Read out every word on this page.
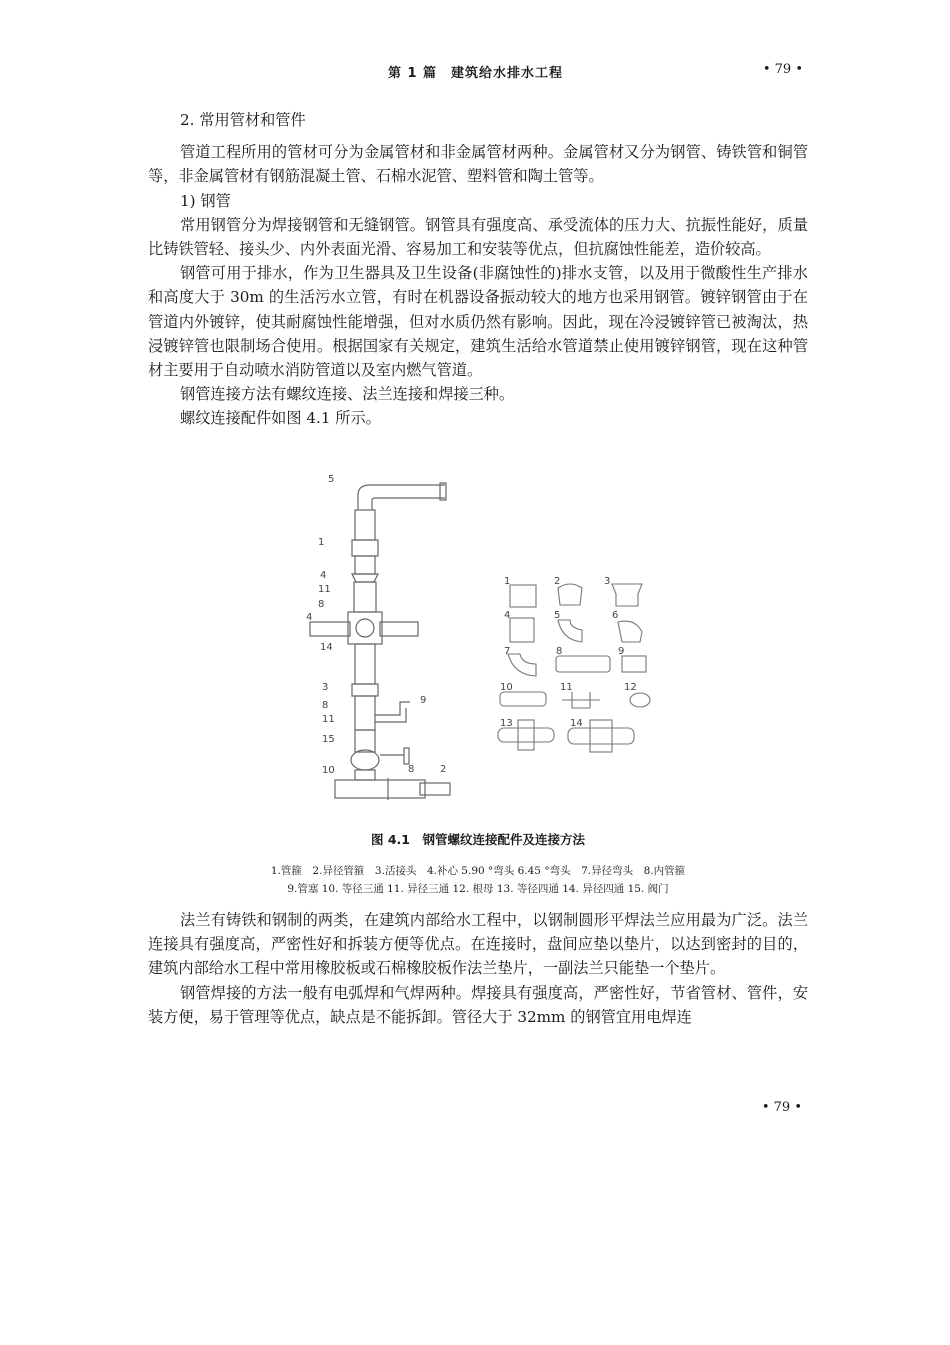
第 1 篇　建筑给水排水工程	• 79 •

2. 常用管材和管件

管道工程所用的管材可分为金属管材和非金属管材两种。金属管材又分为钢管、铸铁管和铜管等，非金属管材有钢筋混凝土管、石棉水泥管、塑料管和陶土管等。

1) 钢管

常用钢管分为焊接钢管和无缝钢管。钢管具有强度高、承受流体的压力大、抗振性能好，质量比铸铁管轻、接头少、内外表面光滑、容易加工和安装等优点，但抗腐蚀性能差，造价较高。

钢管可用于排水，作为卫生器具及卫生设备(非腐蚀性的)排水支管，以及用于微酸性生产排水和高度大于 30m 的生活污水立管，有时在机器设备振动较大的地方也采用钢管。镀锌钢管由于在管道内外镀锌，使其耐腐蚀性能增强，但对水质仍然有影响。因此，现在冷浸镀锌管已被淘汰，热浸镀锌管也限制场合使用。根据国家有关规定，建筑生活给水管道禁止使用镀锌钢管，现在这种管材主要用于自动喷水消防管道以及室内燃气管道。

钢管连接方法有螺纹连接、法兰连接和焊接三种。

螺纹连接配件如图 4.1 所示。

5
1
4
11
8
4
14
3
8
11
15
10	8	2
9
1	2	3
4	5	6
7	8	9
10	11	12
13	14
图 4.1　钢管螺纹连接配件及连接方法
1.管箍　2.异径管箍　3.活接头　4.补心 5.90 °弯头 6.45 °弯头　7.异径弯头　8.内管箍
9.管塞 10. 等径三通 11. 异径三通 12. 根母 13. 等径四通 14. 异径四通 15. 阀门

法兰有铸铁和钢制的两类，在建筑内部给水工程中，以钢制圆形平焊法兰应用最为广泛。法兰连接具有强度高，严密性好和拆装方便等优点。在连接时，盘间应垫以垫片，以达到密封的目的，建筑内部给水工程中常用橡胶板或石棉橡胶板作法兰垫片，一副法兰只能垫一个垫片。

钢管焊接的方法一般有电弧焊和气焊两种。焊接具有强度高，严密性好，节省管材、管件，安装方便，易于管理等优点，缺点是不能拆卸。管径大于 32mm 的钢管宜用电焊连

• 79 •
